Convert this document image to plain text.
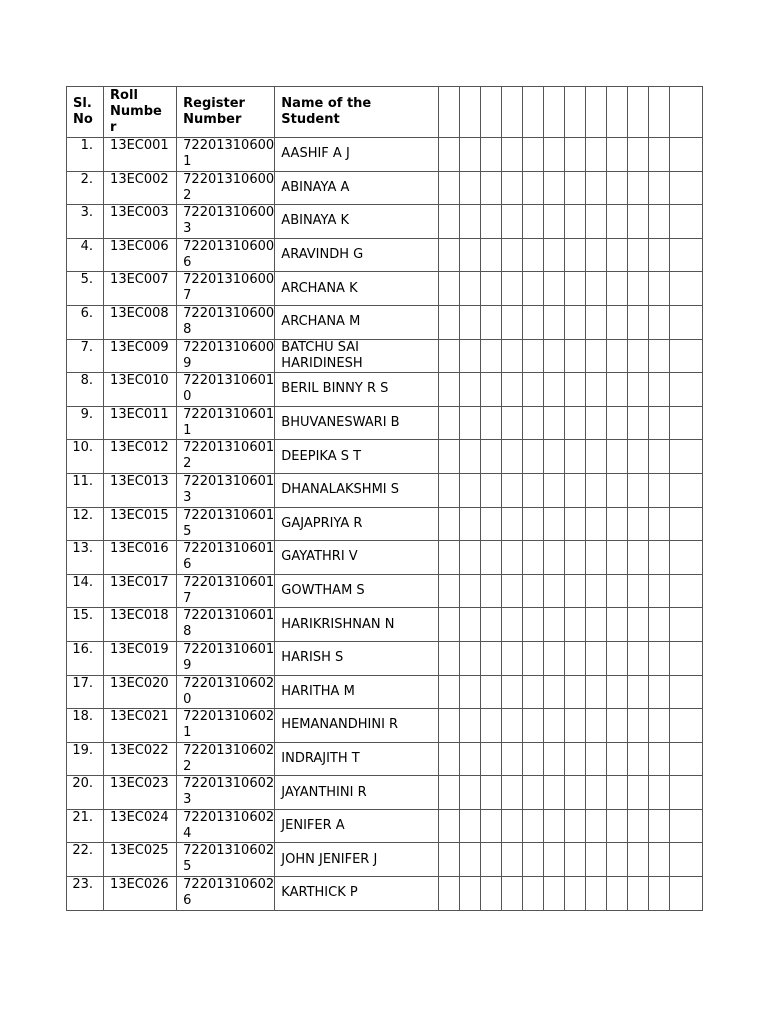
Sl. No	Roll Numbe r	Register Number	Name of the Student												
1.	13EC001	722013106001	AASHIF A J												
2.	13EC002	722013106002	ABINAYA A												
3.	13EC003	722013106003	ABINAYA K												
4.	13EC006	722013106006	ARAVINDH G												
5.	13EC007	722013106007	ARCHANA K												
6.	13EC008	722013106008	ARCHANA M												
7.	13EC009	722013106009	BATCHU SAI HARIDINESH												
8.	13EC010	722013106010	BERIL BINNY R S												
9.	13EC011	722013106011	BHUVANESWARI B												
10.	13EC012	722013106012	DEEPIKA S T												
11.	13EC013	722013106013	DHANALAKSHMI S												
12.	13EC015	722013106015	GAJAPRIYA R												
13.	13EC016	722013106016	GAYATHRI V												
14.	13EC017	722013106017	GOWTHAM S												
15.	13EC018	722013106018	HARIKRISHNAN N												
16.	13EC019	722013106019	HARISH S												
17.	13EC020	722013106020	HARITHA M												
18.	13EC021	722013106021	HEMANANDHINI R												
19.	13EC022	722013106022	INDRAJITH T												
20.	13EC023	722013106023	JAYANTHINI R												
21.	13EC024	722013106024	JENIFER A												
22.	13EC025	722013106025	JOHN JENIFER J												
23.	13EC026	722013106026	KARTHICK P												
